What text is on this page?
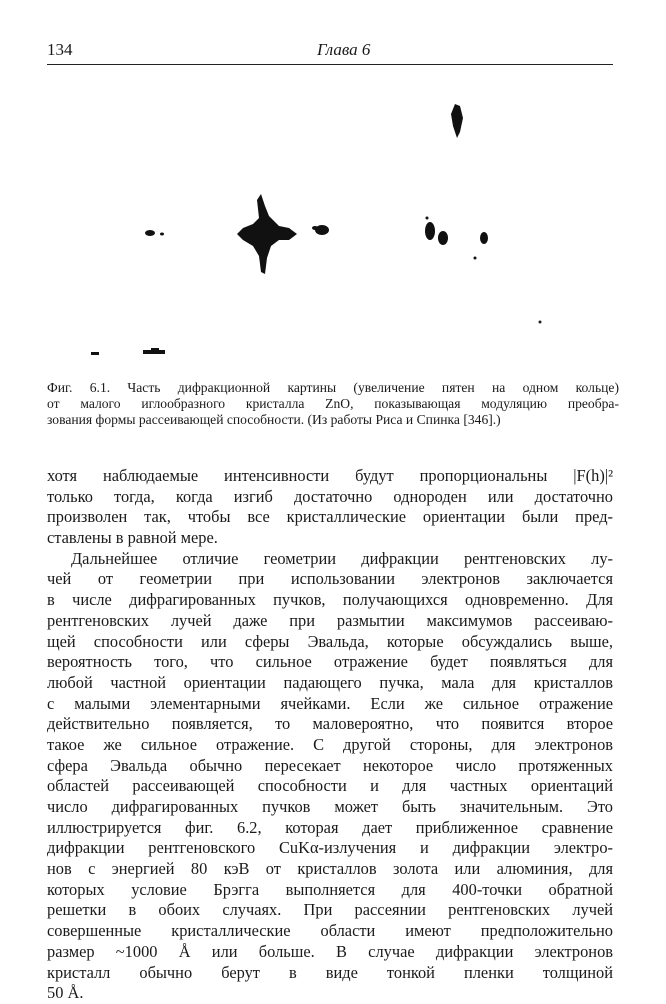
134	Глава 6
Фиг. 6.1. Часть дифракционной картины (увеличение пятен на одном кольце)
от малого иглообразного кристалла ZnO, показывающая модуляцию преобра-
зования формы рассеивающей способности. (Из работы Риса и Спинка [346].)
хотя наблюдаемые интенсивности будут пропорциональны |F(h)|²
только тогда, когда изгиб достаточно однороден или достаточно
произволен так, чтобы все кристаллические ориентации были пред-
ставлены в равной мере.
Дальнейшее отличие геометрии дифракции рентгеновских лу-
чей от геометрии при использовании электронов заключается
в числе дифрагированных пучков, получающихся одновременно. Для
рентгеновских лучей даже при размытии максимумов рассеиваю-
щей способности или сферы Эвальда, которые обсуждались выше,
вероятность того, что сильное отражение будет появляться для
любой частной ориентации падающего пучка, мала для кристаллов
с малыми элементарными ячейками. Если же сильное отражение
действительно появляется, то маловероятно, что появится второе
такое же сильное отражение. С другой стороны, для электронов
сфера Эвальда обычно пересекает некоторое число протяженных
областей рассеивающей способности и для частных ориентаций
число дифрагированных пучков может быть значительным. Это
иллюстрируется фиг. 6.2, которая дает приближенное сравнение
дифракции рентгеновского CuKα-излучения и дифракции электро-
нов с энергией 80 кэВ от кристаллов золота или алюминия, для
которых условие Брэгга выполняется для 400-точки обратной
решетки в обоих случаях. При рассеянии рентгеновских лучей
совершенные кристаллические области имеют предположительно
размер ~1000 Å или больше. В случае дифракции электронов
кристалл обычно берут в виде тонкой пленки толщиной
50 Å.
